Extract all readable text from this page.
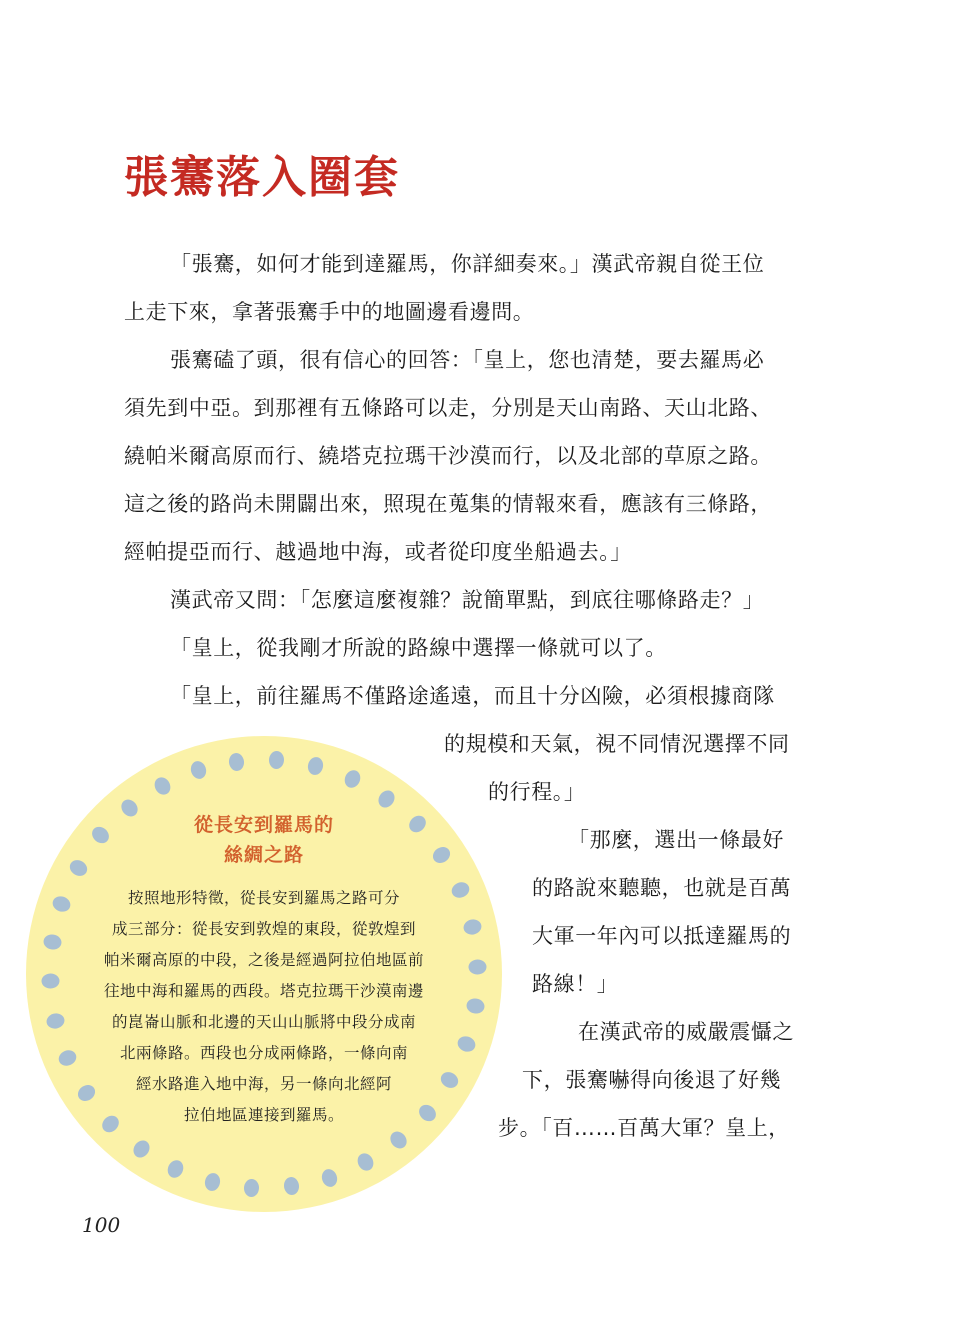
張騫落入圈套

「張騫，如何才能到達羅馬，你詳細奏來。」漢武帝親自從王位

上走下來，拿著張騫手中的地圖邊看邊問。

張騫磕了頭，很有信心的回答：「皇上，您也清楚，要去羅馬必

須先到中亞。到那裡有五條路可以走，分別是天山南路、天山北路、

繞帕米爾高原而行、繞塔克拉瑪干沙漠而行，以及北部的草原之路。

這之後的路尚未開闢出來，照現在蒐集的情報來看，應該有三條路，

經帕提亞而行、越過地中海，或者從印度坐船過去。」

漢武帝又問：「怎麼這麼複雜？說簡單點，到底往哪條路走？」

「皇上，從我剛才所說的路線中選擇一條就可以了。

「皇上，前往羅馬不僅路途遙遠，而且十分凶險，必須根據商隊

的規模和天氣，視不同情況選擇不同

的行程。」

「那麼，選出一條最好

的路說來聽聽，也就是百萬

大軍一年內可以抵達羅馬的

路線！」

在漢武帝的威嚴震懾之

下，張騫嚇得向後退了好幾

步。「百……百萬大軍？皇上，

從長安到羅馬的

絲綢之路

按照地形特徵，從長安到羅馬之路可分

成三部分：從長安到敦煌的東段，從敦煌到

帕米爾高原的中段，之後是經過阿拉伯地區前

往地中海和羅馬的西段。塔克拉瑪干沙漠南邊

的崑崙山脈和北邊的天山山脈將中段分成南

北兩條路。西段也分成兩條路，一條向南

經水路進入地中海，另一條向北經阿

拉伯地區連接到羅馬。

100
